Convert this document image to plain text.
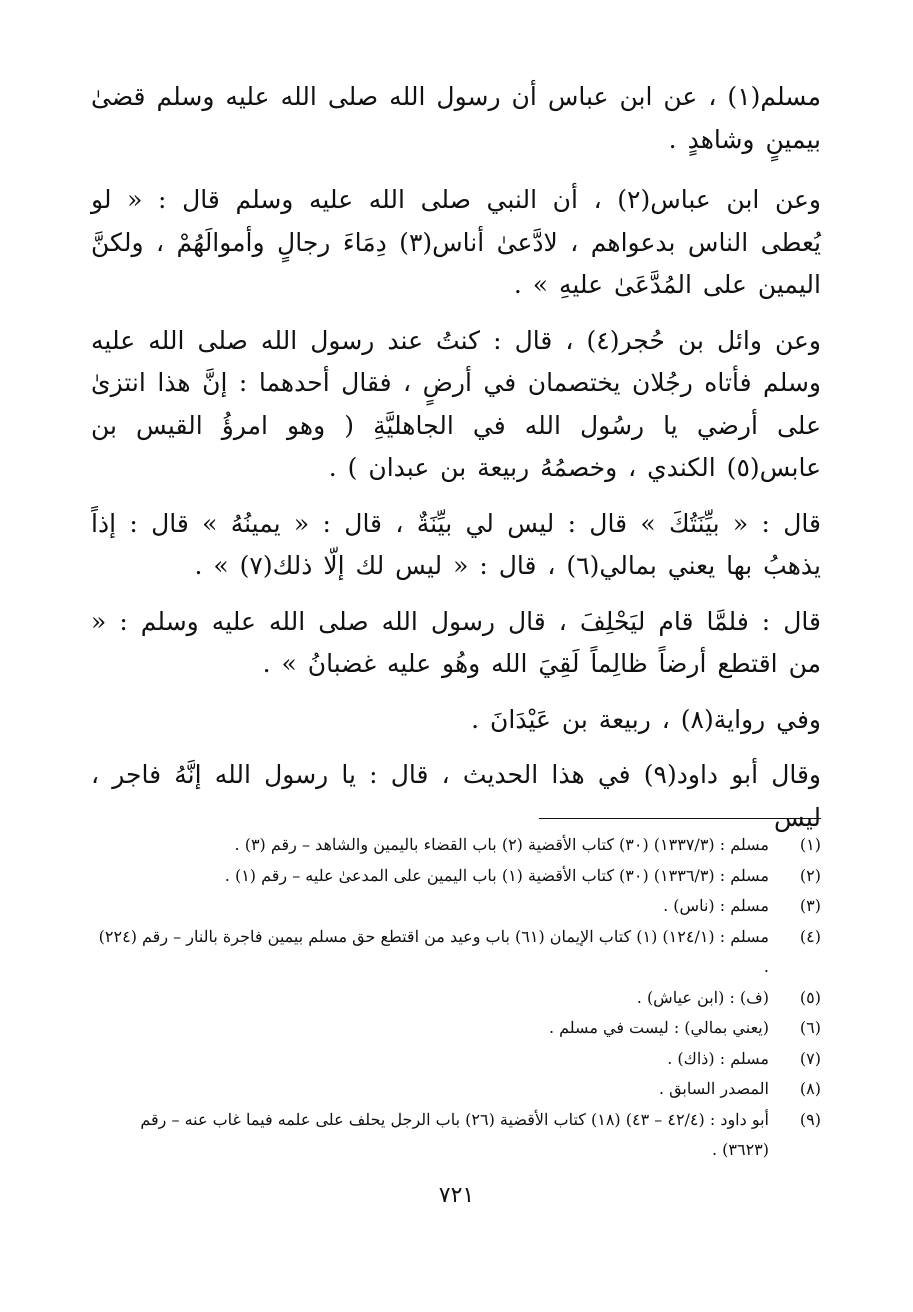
مسلم(١) ، عن ابن عباس أن رسول الله صلى الله عليه وسلم قضىٰ بيمينٍ وشاهدٍ .

وعن ابن عباس(٢) ، أن النبي صلى الله عليه وسلم قال : « لو يُعطى الناس بدعواهم ، لادَّعىٰ أناس(٣) دِمَاءَ رجالٍ وأموالَهُمْ ، ولكنَّ اليمين على المُدَّعَىٰ عليهِ » .

وعن وائل بن حُجر(٤) ، قال : كنتُ عند رسول الله صلى الله عليه وسلم فأتاه رجُلان يختصمان في أرضٍ ، فقال أحدهما : إنَّ هذا انتزىٰ على أرضي يا رسُول الله في الجاهليَّةِ ( وهو امرؤُ القيس بن عابس(٥) الكندي ، وخصمُهُ ربيعة بن عبدان ) .

قال : « بيِّنَتُكَ » قال : ليس لي بيِّنَةٌ ، قال : « يمينُهُ » قال : إذاً يذهبُ بها يعني بمالي(٦) ، قال : « ليس لك إلّا ذلك(٧) » .

قال : فلمَّا قام ليَحْلِفَ ، قال رسول الله صلى الله عليه وسلم : « من اقتطع أرضاً ظالِماً لَقِيَ الله وهُو عليه غضبانُ » .

وفي رواية(٨) ، ربيعة بن عَيْدَانَ .

وقال أبو داود(٩) في هذا الحديث ، قال : يا رسول الله إنَّهُ فاجر ، ليس

(١)
مسلم : (١٣٣٧/٣) (٣٠) كتاب الأقضية (٢) باب القضاء باليمين والشاهد – رقم (٣) .
(٢)
مسلم : (١٣٣٦/٣) (٣٠) كتاب الأقضية (١) باب اليمين على المدعىٰ عليه – رقم (١) .
(٣)
مسلم : (ناس) .
(٤)
مسلم : (١٢٤/١) (١) كتاب الإيمان (٦١) باب وعيد من اقتطع حق مسلم بيمين فاجرة بالنار – رقم (٢٢٤) .
(٥)
(ف) : (ابن عياش) .
(٦)
(يعني بمالي) : ليست في مسلم .
(٧)
مسلم : (ذاك) .
(٨)
المصدر السابق .
(٩)
أبو داود : (٤٢/٤ – ٤٣) (١٨) كتاب الأقضية (٢٦) باب الرجل يحلف على علمه فيما غاب عنه – رقم (٣٦٢٣) .
٧٢١
